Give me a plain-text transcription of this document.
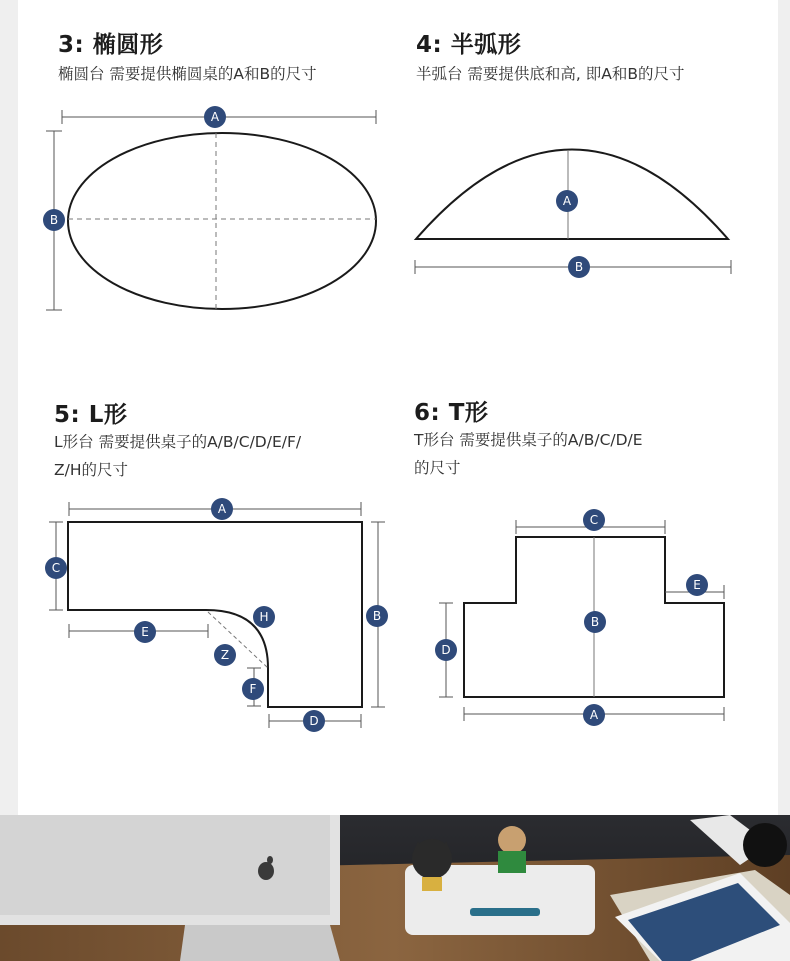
3: 椭圆形
椭圆台 需要提供椭圆桌的A和B的尺寸
4: 半弧形
半弧台 需要提供底和高, 即A和B的尺寸
5: L形
L形台 需要提供桌子的A/B/C/D/E/F/
Z/H的尺寸
6: T形
T形台 需要提供桌子的A/B/C/D/E
的尺寸
A
B
A
B
A
B
C
D
E
F
Z
H
A
B
C
D
E
